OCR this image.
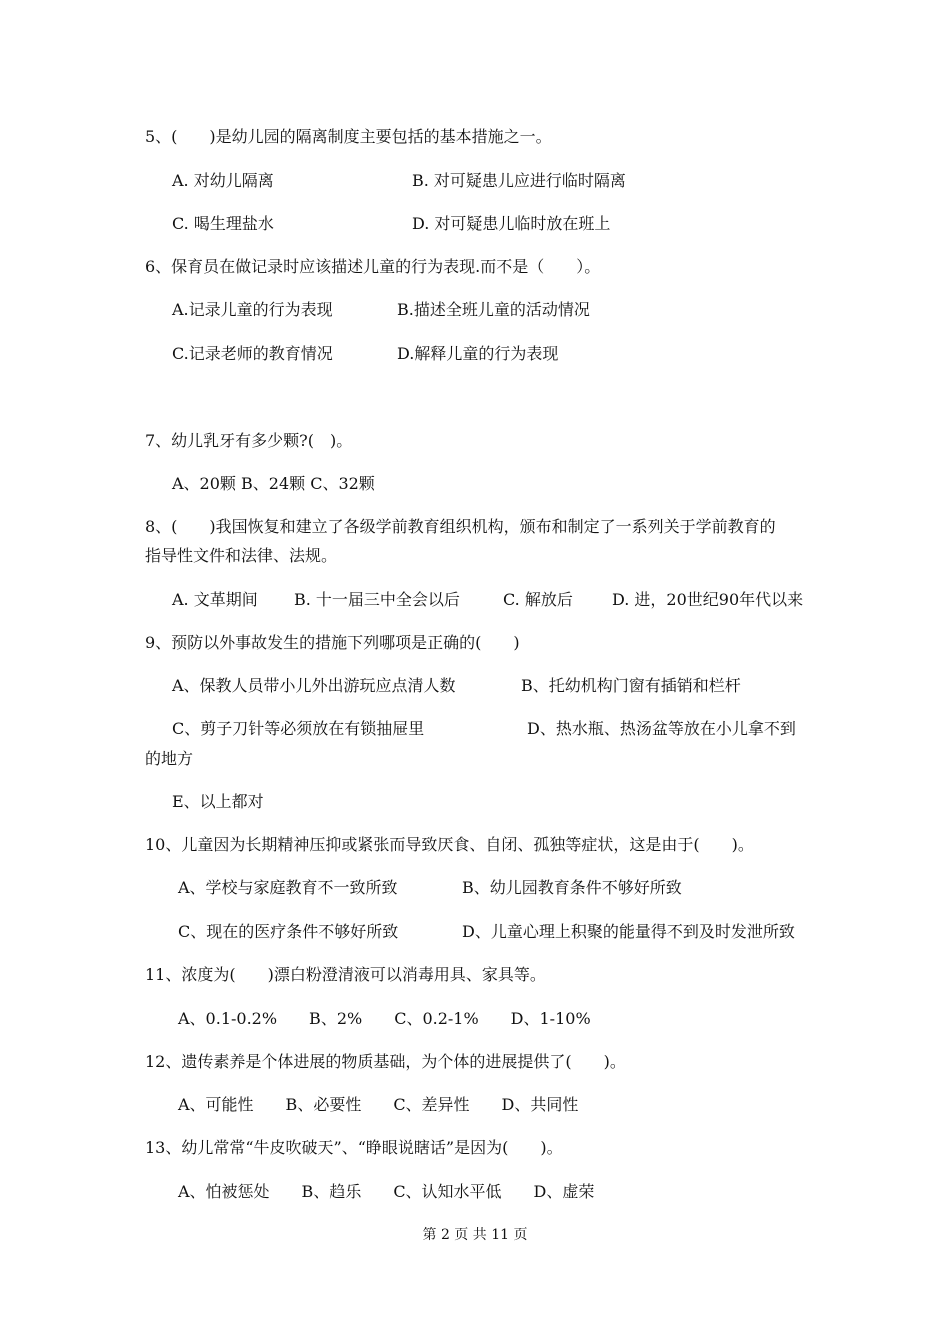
5、(　　)是幼儿园的隔离制度主要包括的基本措施之一。
A. 对幼儿隔离	B. 对可疑患儿应进行临时隔离
C. 喝生理盐水	D. 对可疑患儿临时放在班上
6、保育员在做记录时应该描述儿童的行为表现.而不是（　　）。
A.记录儿童的行为表现	B.描述全班儿童的活动情况
C.记录老师的教育情况	D.解释儿童的行为表现
7、幼儿乳牙有多少颗?(　)。
A、20颗 B、24颗 C、32颗
8、(　　)我国恢复和建立了各级学前教育组织机构，颁布和制定了一系列关于学前教育的
指导性文件和法律、法规。
A. 文革期间 B. 十一届三中全会以后	C. 解放后 D. 进，20世纪90年代以来
9、预防以外事故发生的措施下列哪项是正确的(　　)
A、保教人员带小儿外出游玩应点清人数	B、托幼机构门窗有插销和栏杆
C、剪子刀针等必须放在有锁抽屉里	D、热水瓶、热汤盆等放在小儿拿不到
的地方
E、以上都对
10、儿童因为长期精神压抑或紧张而导致厌食、自闭、孤独等症状，这是由于(　　)。
A、学校与家庭教育不一致所致	B、幼儿园教育条件不够好所致
C、现在的医疗条件不够好所致	D、儿童心理上积聚的能量得不到及时发泄所致
11、浓度为(　　)漂白粉澄清液可以消毒用具、家具等。
A、0.1-0.2%　　B、2%　　C、0.2-1%　　D、1-10%
12、遗传素养是个体进展的物质基础，为个体的进展提供了(　　)。
A、可能性　　B、必要性　　C、差异性　　D、共同性
13、幼儿常常“牛皮吹破天”、“睁眼说瞎话”是因为(　　)。
A、怕被惩处　　B、趋乐　　C、认知水平低　　D、虚荣
第 2 页 共 11 页
